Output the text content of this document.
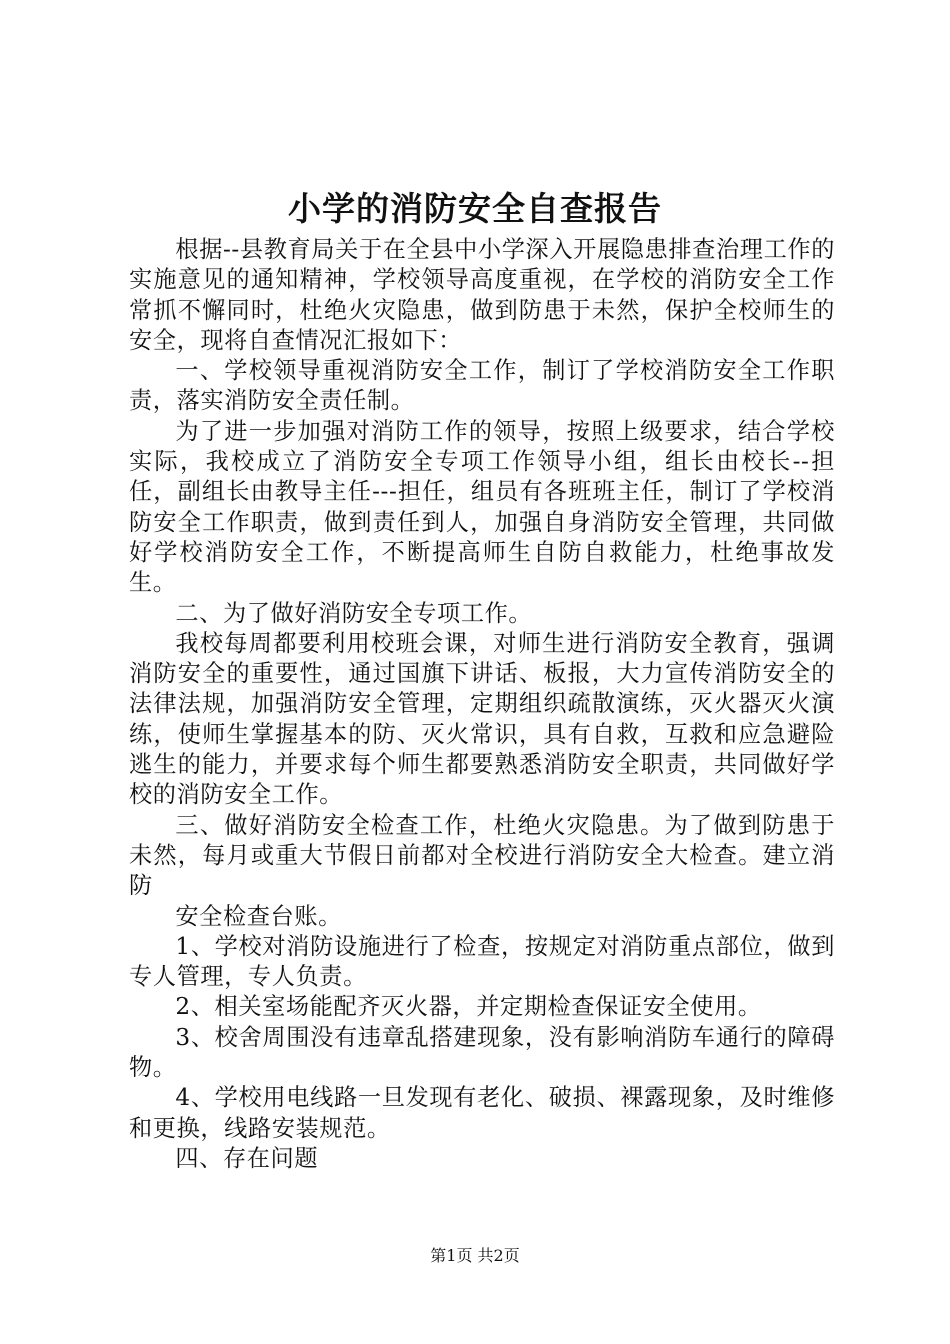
小学的消防安全自查报告

根据--县教育局关于在全县中小学深入开展隐患排查治理工作的实施意见的通知精神，学校领导高度重视，在学校的消防安全工作常抓不懈同时，杜绝火灾隐患，做到防患于未然，保护全校师生的安全，现将自查情况汇报如下：

一、学校领导重视消防安全工作，制订了学校消防安全工作职责，落实消防安全责任制。

为了进一步加强对消防工作的领导，按照上级要求，结合学校实际，我校成立了消防安全专项工作领导小组，组长由校长--担任，副组长由教导主任---担任，组员有各班班主任，制订了学校消防安全工作职责，做到责任到人，加强自身消防安全管理，共同做好学校消防安全工作，不断提高师生自防自救能力，杜绝事故发生。

二、为了做好消防安全专项工作。

我校每周都要利用校班会课，对师生进行消防安全教育，强调消防安全的重要性，通过国旗下讲话、板报，大力宣传消防安全的法律法规，加强消防安全管理，定期组织疏散演练，灭火器灭火演练，使师生掌握基本的防、灭火常识，具有自救，互救和应急避险逃生的能力，并要求每个师生都要熟悉消防安全职责，共同做好学校的消防安全工作。

三、做好消防安全检查工作，杜绝火灾隐患。为了做到防患于未然，每月或重大节假日前都对全校进行消防安全大检查。建立消防

安全检查台账。

1、学校对消防设施进行了检查，按规定对消防重点部位，做到专人管理，专人负责。

2、相关室场能配齐灭火器，并定期检查保证安全使用。

3、校舍周围没有违章乱搭建现象，没有影响消防车通行的障碍物。

4、学校用电线路一旦发现有老化、破损、裸露现象，及时维修和更换，线路安装规范。

四、存在问题

第1页 共2页
